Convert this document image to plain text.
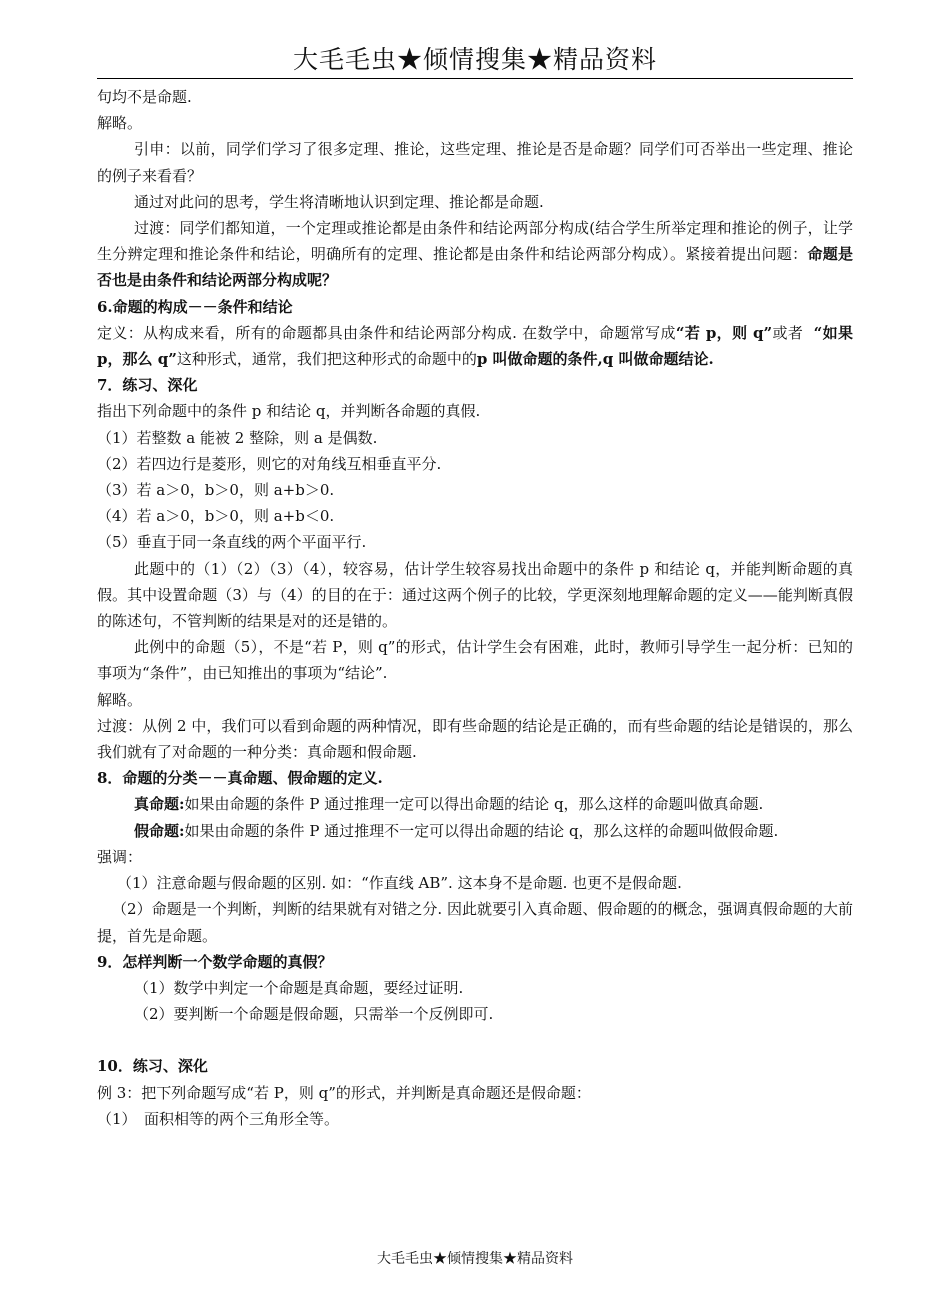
大毛毛虫★倾情搜集★精品资料

句均不是命题.

解略。

引申：以前，同学们学习了很多定理、推论，这些定理、推论是否是命题？同学们可否举出一些定理、推论的例子来看看？

通过对此问的思考，学生将清晰地认识到定理、推论都是命题.

过渡：同学们都知道，一个定理或推论都是由条件和结论两部分构成(结合学生所举定理和推论的例子，让学生分辨定理和推论条件和结论，明确所有的定理、推论都是由条件和结论两部分构成）。紧接着提出问题：命题是否也是由条件和结论两部分构成呢？

6.命题的构成－－条件和结论

定义：从构成来看，所有的命题都具由条件和结论两部分构成. 在数学中，命题常写成“若 p，则 q”或者 “如果 p，那么 q”这种形式，通常，我们把这种形式的命题中的p 叫做命题的条件,q 叫做命题结论.

7．练习、深化

指出下列命题中的条件 p 和结论 q，并判断各命题的真假.

（1）若整数 a 能被 2 整除，则 a 是偶数.

（2）若四边行是菱形，则它的对角线互相垂直平分.

（3）若 a＞0，b＞0，则 a+b＞0.

（4）若 a＞0，b＞0，则 a+b＜0.

（5）垂直于同一条直线的两个平面平行.

此题中的（1）（2）（3）（4），较容易，估计学生较容易找出命题中的条件 p 和结论 q，并能判断命题的真假。其中设置命题（3）与（4）的目的在于：通过这两个例子的比较，学更深刻地理解命题的定义——能判断真假的陈述句，不管判断的结果是对的还是错的。

此例中的命题（5），不是“若 P，则 q”的形式，估计学生会有困难，此时，教师引导学生一起分析：已知的事项为“条件”，由已知推出的事项为“结论”.

解略。

过渡：从例 2 中，我们可以看到命题的两种情况，即有些命题的结论是正确的，而有些命题的结论是错误的，那么我们就有了对命题的一种分类：真命题和假命题.

8．命题的分类－－真命题、假命题的定义.

真命题:如果由命题的条件 P 通过推理一定可以得出命题的结论 q，那么这样的命题叫做真命题.

假命题:如果由命题的条件 P 通过推理不一定可以得出命题的结论 q，那么这样的命题叫做假命题.

强调：

（1）注意命题与假命题的区别. 如：“作直线 AB”. 这本身不是命题. 也更不是假命题.

（2）命题是一个判断，判断的结果就有对错之分. 因此就要引入真命题、假命题的的概念，强调真假命题的大前提，首先是命题。

9．怎样判断一个数学命题的真假？

（1）数学中判定一个命题是真命题，要经过证明.

（2）要判断一个命题是假命题，只需举一个反例即可.

10．练习、深化

例 3：把下列命题写成“若 P，则 q”的形式，并判断是真命题还是假命题：

（1）　面积相等的两个三角形全等。

大毛毛虫★倾情搜集★精品资料
